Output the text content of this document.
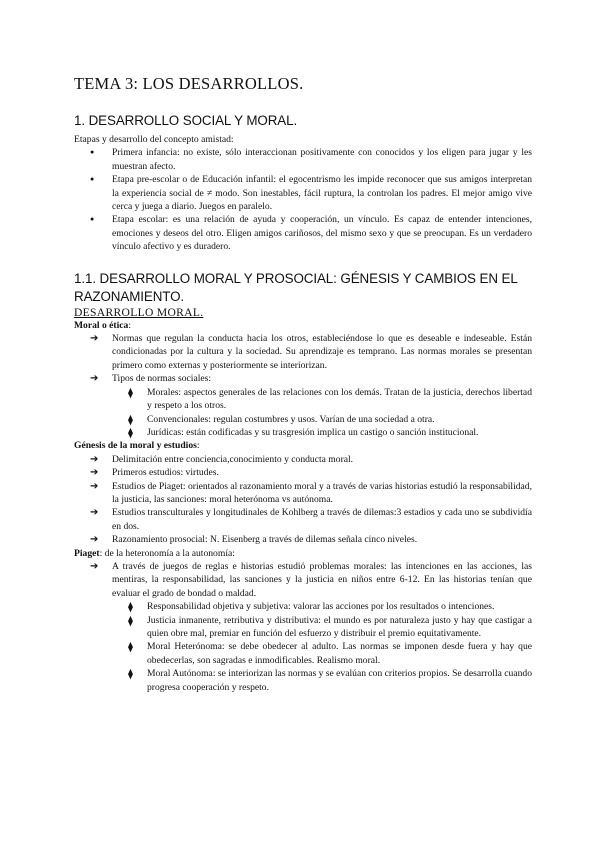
TEMA 3: LOS DESARROLLOS.
1. DESARROLLO SOCIAL Y MORAL.

Etapas y desarrollo del concepto amistad:

● Primera infancia: no existe, sólo interaccionan positivamente con conocidos y los eligen para jugar y les muestran afecto.
● Etapa pre-escolar o de Educación infantil: el egocentrismo les impide reconocer que sus amigos interpretan la experiencia social de ≠ modo. Son inestables, fácil ruptura, la controlan los padres. El mejor amigo vive cerca y juega a diario. Juegos en paralelo.
● Etapa escolar: es una relación de ayuda y cooperación, un vínculo. Es capaz de entender intenciones, emociones y deseos del otro. Eligen amigos cariñosos, del mismo sexo y que se preocupan. Es un verdadero vínculo afectivo y es duradero.
1.1. DESARROLLO MORAL Y PROSOCIAL: GÉNESIS Y CAMBIOS EN EL RAZONAMIENTO.
DESARROLLO MORAL.

Moral o ética:

➔ Normas que regulan la conducta hacia los otros, estableciéndose lo que es deseable e indeseable. Están condicionadas por la cultura y la sociedad. Su aprendizaje es temprano. Las normas morales se presentan primero como externas y posteriormente se interiorizan.
➔ Tipos de normas sociales:
⧫ Morales: aspectos generales de las relaciones con los demás. Tratan de la justicia, derechos libertad y respeto a los otros.
⧫ Convencionales: regulan costumbres y usos. Varían de una sociedad a otra.
⧫ Jurídicas: están codificadas y su trasgresión implica un castigo o sanción institucional.

Génesis de la moral y estudios:

➔ Delimitación entre conciencia,conocimiento y conducta moral.
➔ Primeros estudios: virtudes.
➔ Estudios de Piaget: orientados al razonamiento moral y a través de varias historias estudió la responsabilidad, la justicia, las sanciones: moral heterónoma vs autónoma.
➔ Estudios transculturales y longitudinales de Kohlberg a través de dilemas:3 estadios y cada uno se subdividía en dos.
➔ Razonamiento prosocial: N. Eisenberg a través de dilemas señala cinco niveles.

Piaget: de la heteronomía a la autonomía:

➔ A través de juegos de reglas e historias estudió problemas morales: las intenciones en las acciones, las mentiras, la responsabilidad, las sanciones y la justicia en niños entre 6-12. En las historias tenían que evaluar el grado de bondad o maldad.
⧫ Responsabilidad objetiva y subjetiva: valorar las acciones por los resultados o intenciones.
⧫ Justicia inmanente, retributiva y distributiva: el mundo es por naturaleza justo y hay que castigar a quien obre mal, premiar en función del esfuerzo y distribuir el premio equitativamente.
⧫ Moral Heterónoma: se debe obedecer al adulto. Las normas se imponen desde fuera y hay que obedecerlas, son sagradas e inmodificables. Realismo moral.
⧫ Moral Autónoma: se interiorizan las normas y se evalúan con criterios propios. Se desarrolla cuando progresa cooperación y respeto.
